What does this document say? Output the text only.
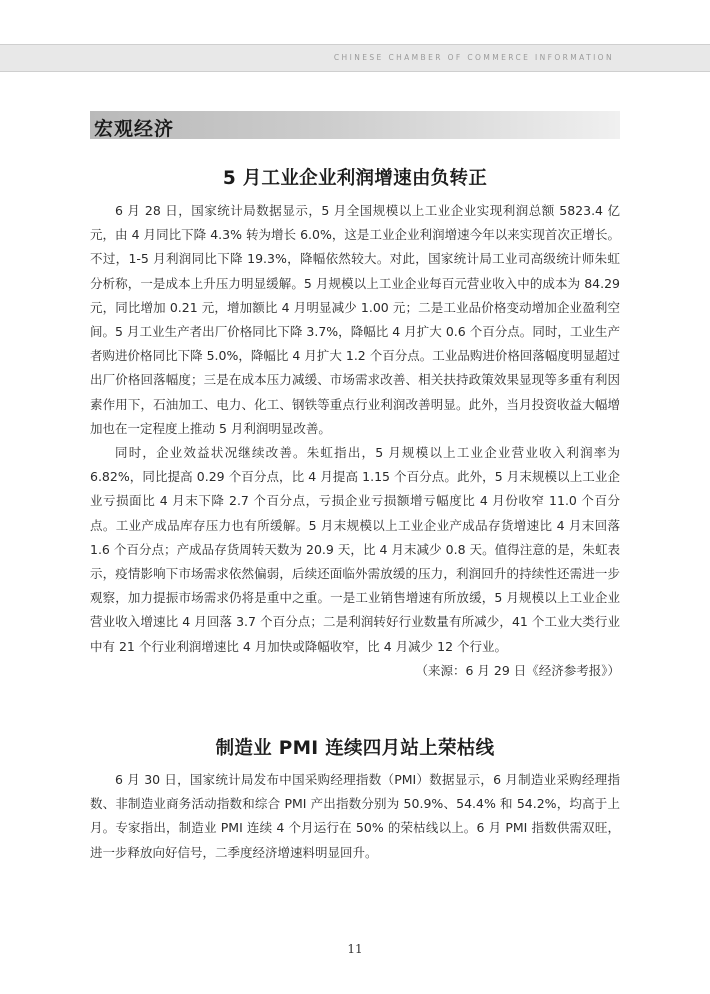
CHINESE CHAMBER OF COMMERCE INFORMATION
宏观经济
5 月工业企业利润增速由负转正

6 月 28 日，国家统计局数据显示，5 月全国规模以上工业企业实现利润总额 5823.4 亿元，由 4 月同比下降 4.3% 转为增长 6.0%，这是工业企业利润增速今年以来实现首次正增长。不过，1-5 月利润同比下降 19.3%，降幅依然较大。对此，国家统计局工业司高级统计师朱虹分析称，一是成本上升压力明显缓解。5 月规模以上工业企业每百元营业收入中的成本为 84.29 元，同比增加 0.21 元，增加额比 4 月明显减少 1.00 元；二是工业品价格变动增加企业盈利空间。5 月工业生产者出厂价格同比下降 3.7%，降幅比 4 月扩大 0.6 个百分点。同时，工业生产者购进价格同比下降 5.0%，降幅比 4 月扩大 1.2 个百分点。工业品购进价格回落幅度明显超过出厂价格回落幅度；三是在成本压力减缓、市场需求改善、相关扶持政策效果显现等多重有利因素作用下，石油加工、电力、化工、钢铁等重点行业利润改善明显。此外，当月投资收益大幅增加也在一定程度上推动 5 月利润明显改善。

同时，企业效益状况继续改善。朱虹指出，5 月规模以上工业企业营业收入利润率为 6.82%，同比提高 0.29 个百分点，比 4 月提高 1.15 个百分点。此外，5 月末规模以上工业企业亏损面比 4 月末下降 2.7 个百分点，亏损企业亏损额增亏幅度比 4 月份收窄 11.0 个百分点。工业产成品库存压力也有所缓解。5 月末规模以上工业企业产成品存货增速比 4 月末回落 1.6 个百分点；产成品存货周转天数为 20.9 天，比 4 月末减少 0.8 天。值得注意的是，朱虹表示，疫情影响下市场需求依然偏弱，后续还面临外需放缓的压力，利润回升的持续性还需进一步观察，加力提振市场需求仍将是重中之重。一是工业销售增速有所放缓，5 月规模以上工业企业营业收入增速比 4 月回落 3.7 个百分点；二是利润转好行业数量有所减少，41 个工业大类行业中有 21 个行业利润增速比 4 月加快或降幅收窄，比 4 月减少 12 个行业。

（来源：6 月 29 日《经济参考报》）
制造业 PMI 连续四月站上荣枯线

6 月 30 日，国家统计局发布中国采购经理指数（PMI）数据显示，6 月制造业采购经理指数、非制造业商务活动指数和综合 PMI 产出指数分别为 50.9%、54.4% 和 54.2%，均高于上月。专家指出，制造业 PMI 连续 4 个月运行在 50% 的荣枯线以上。6 月 PMI 指数供需双旺，进一步释放向好信号，二季度经济增速料明显回升。

11
